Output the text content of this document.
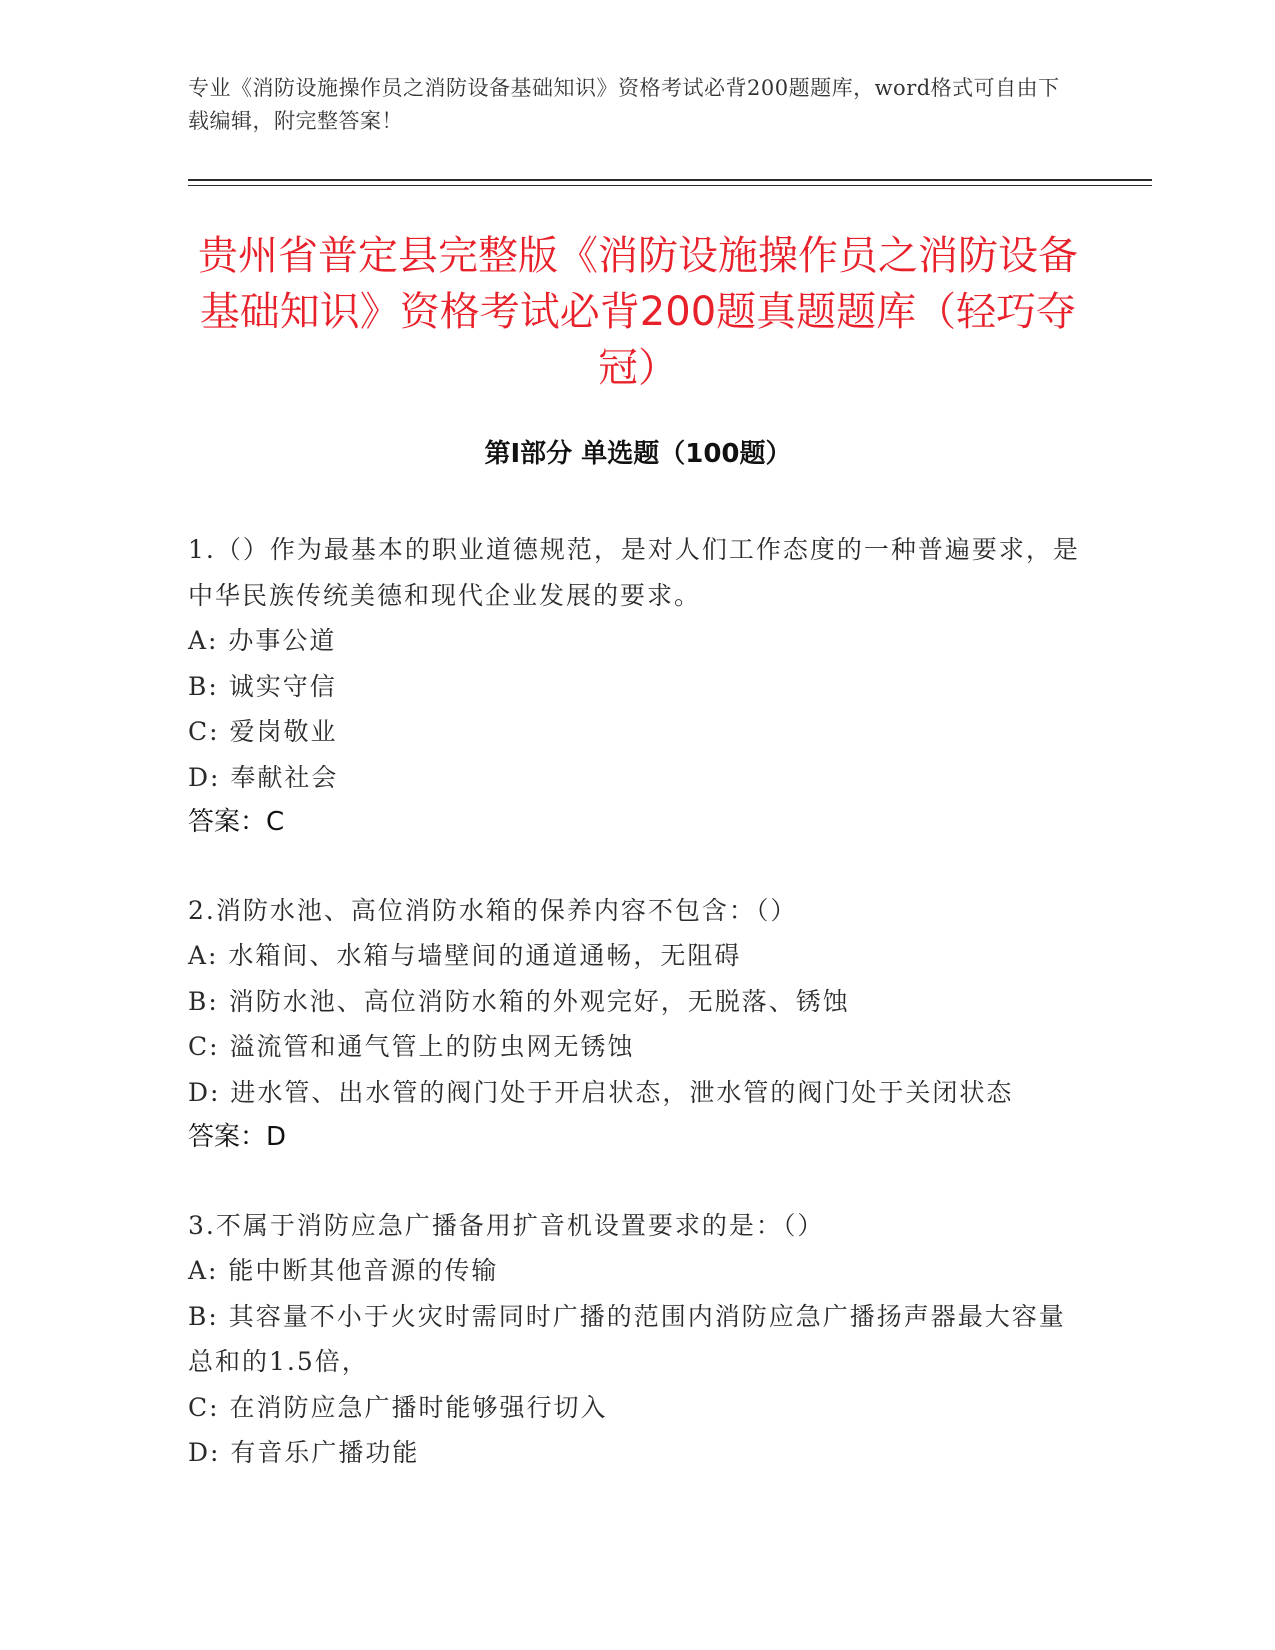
专业《消防设施操作员之消防设备基础知识》资格考试必背200题题库，word格式可自由下载编辑，附完整答案！
贵州省普定县完整版《消防设施操作员之消防设备基础知识》资格考试必背200题真题题库（轻巧夺冠）
第I部分 单选题（100题）

1.（）作为最基本的职业道德规范，是对人们工作态度的一种普遍要求，是中华民族传统美德和现代企业发展的要求。

A: 办事公道

B: 诚实守信

C: 爱岗敬业

D: 奉献社会

答案：C

2.消防水池、高位消防水箱的保养内容不包含：（）

A: 水箱间、水箱与墙壁间的通道通畅，无阻碍

B: 消防水池、高位消防水箱的外观完好，无脱落、锈蚀

C: 溢流管和通气管上的防虫网无锈蚀

D: 进水管、出水管的阀门处于开启状态，泄水管的阀门处于关闭状态

答案：D

3.不属于消防应急广播备用扩音机设置要求的是：（）

A: 能中断其他音源的传输

B: 其容量不小于火灾时需同时广播的范围内消防应急广播扬声器最大容量总和的1.5倍，

C: 在消防应急广播时能够强行切入

D: 有音乐广播功能
